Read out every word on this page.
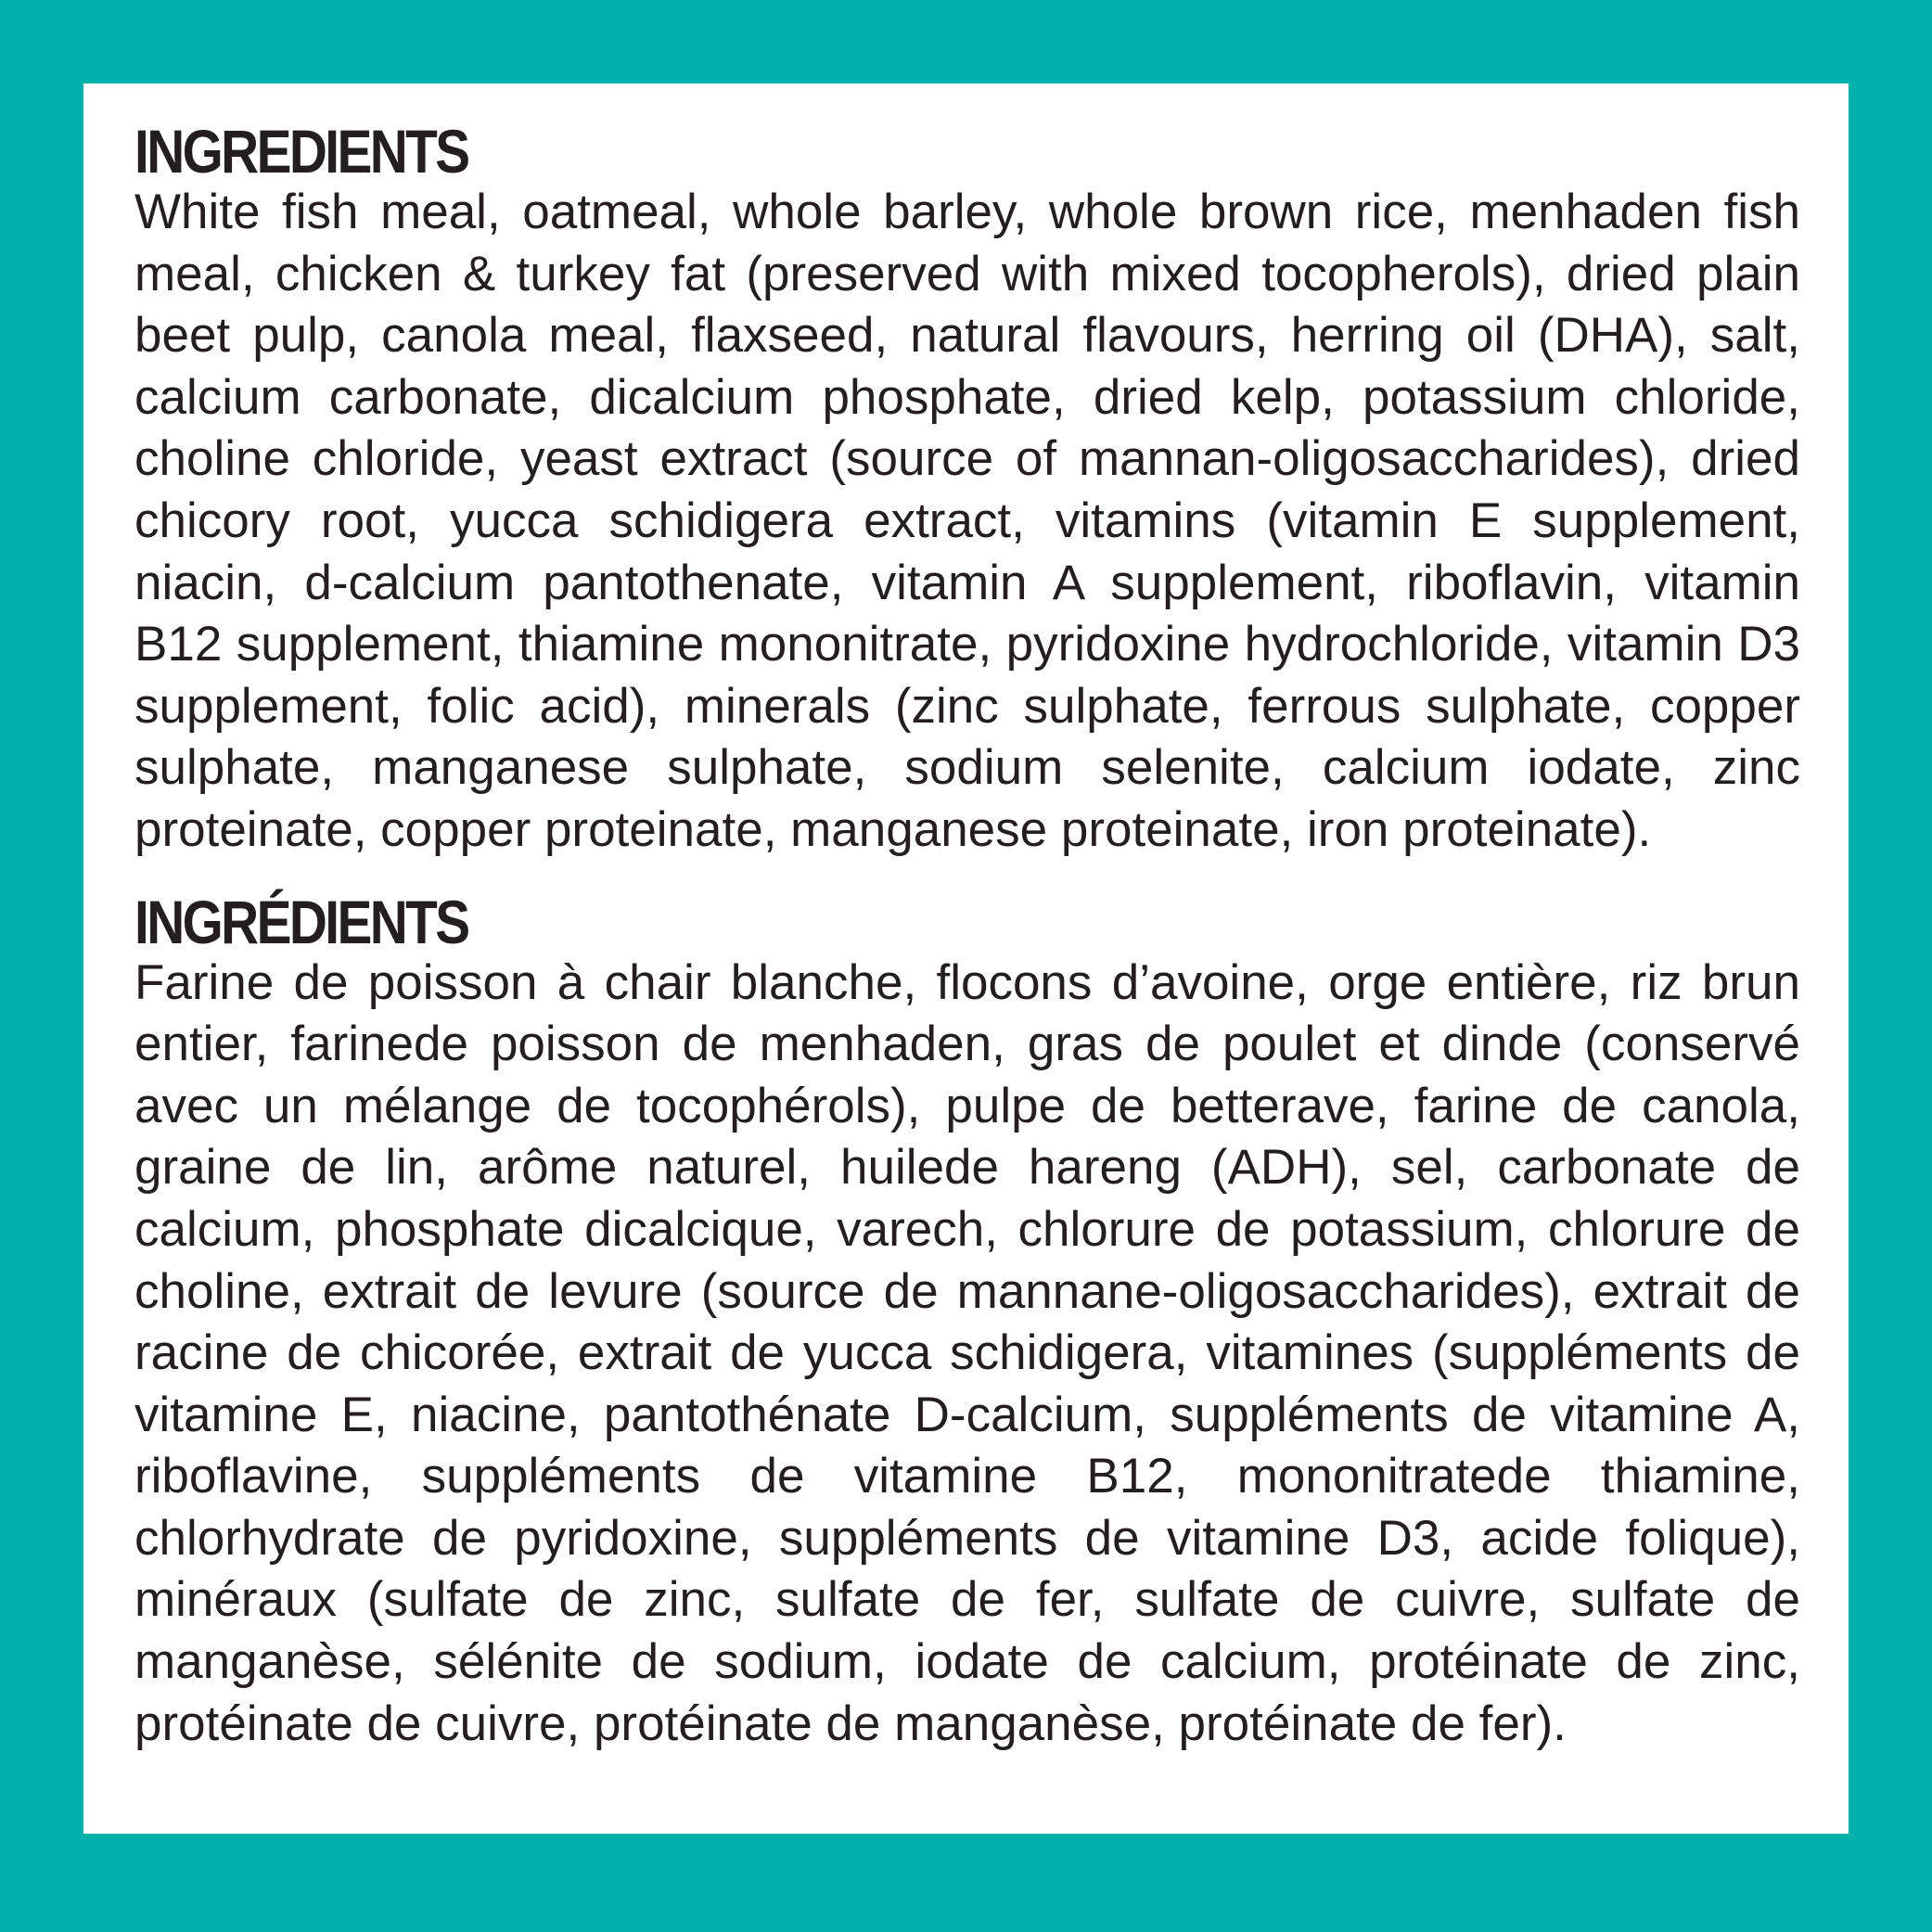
INGREDIENTS

White fish meal, oatmeal, whole barley, whole brown rice, menhaden fish meal, chicken & turkey fat (preserved with mixed tocopherols), dried plain beet pulp, canola meal, flaxseed, natural flavours, herring oil (DHA), salt, calcium carbonate, dicalcium phosphate, dried kelp, potassium chloride, choline chloride, yeast extract (source of mannan-oligosaccharides), dried chicory root, yucca schidigera extract, vitamins (vitamin E supplement, niacin, d-calcium pantothenate, vitamin A supplement, riboflavin, vitamin B12 supplement, thiamine mononitrate, pyridoxine hydrochloride, vitamin D3 supplement, folic acid), minerals (zinc sulphate, ferrous sulphate, copper sulphate, manganese sulphate, sodium selenite, calcium iodate, zinc proteinate, copper proteinate, manganese proteinate, iron proteinate).

INGRÉDIENTS

Farine de poisson à chair blanche, flocons d’avoine, orge entière, riz brun entier, farinede poisson de menhaden, gras de poulet et dinde (conservé avec un mélange de tocophérols), pulpe de betterave, farine de canola, graine de lin, arôme naturel, huilede hareng (ADH), sel, carbonate de calcium, phosphate dicalcique, varech, chlorure de potassium, chlorure de choline, extrait de levure (source de mannane-oligosaccharides), extrait de racine de chicorée, extrait de yucca schidigera, vitamines (suppléments de vitamine E, niacine, pantothénate D-calcium, suppléments de vitamine A, riboflavine, suppléments de vitamine B12, mononitratede thiamine, chlorhydrate de pyridoxine, suppléments de vitamine D3, acide folique), minéraux (sulfate de zinc, sulfate de fer, sulfate de cuivre, sulfate de manganèse, sélénite de sodium, iodate de calcium, protéinate de zinc, protéinate de cuivre, protéinate de manganèse, protéinate de fer).
